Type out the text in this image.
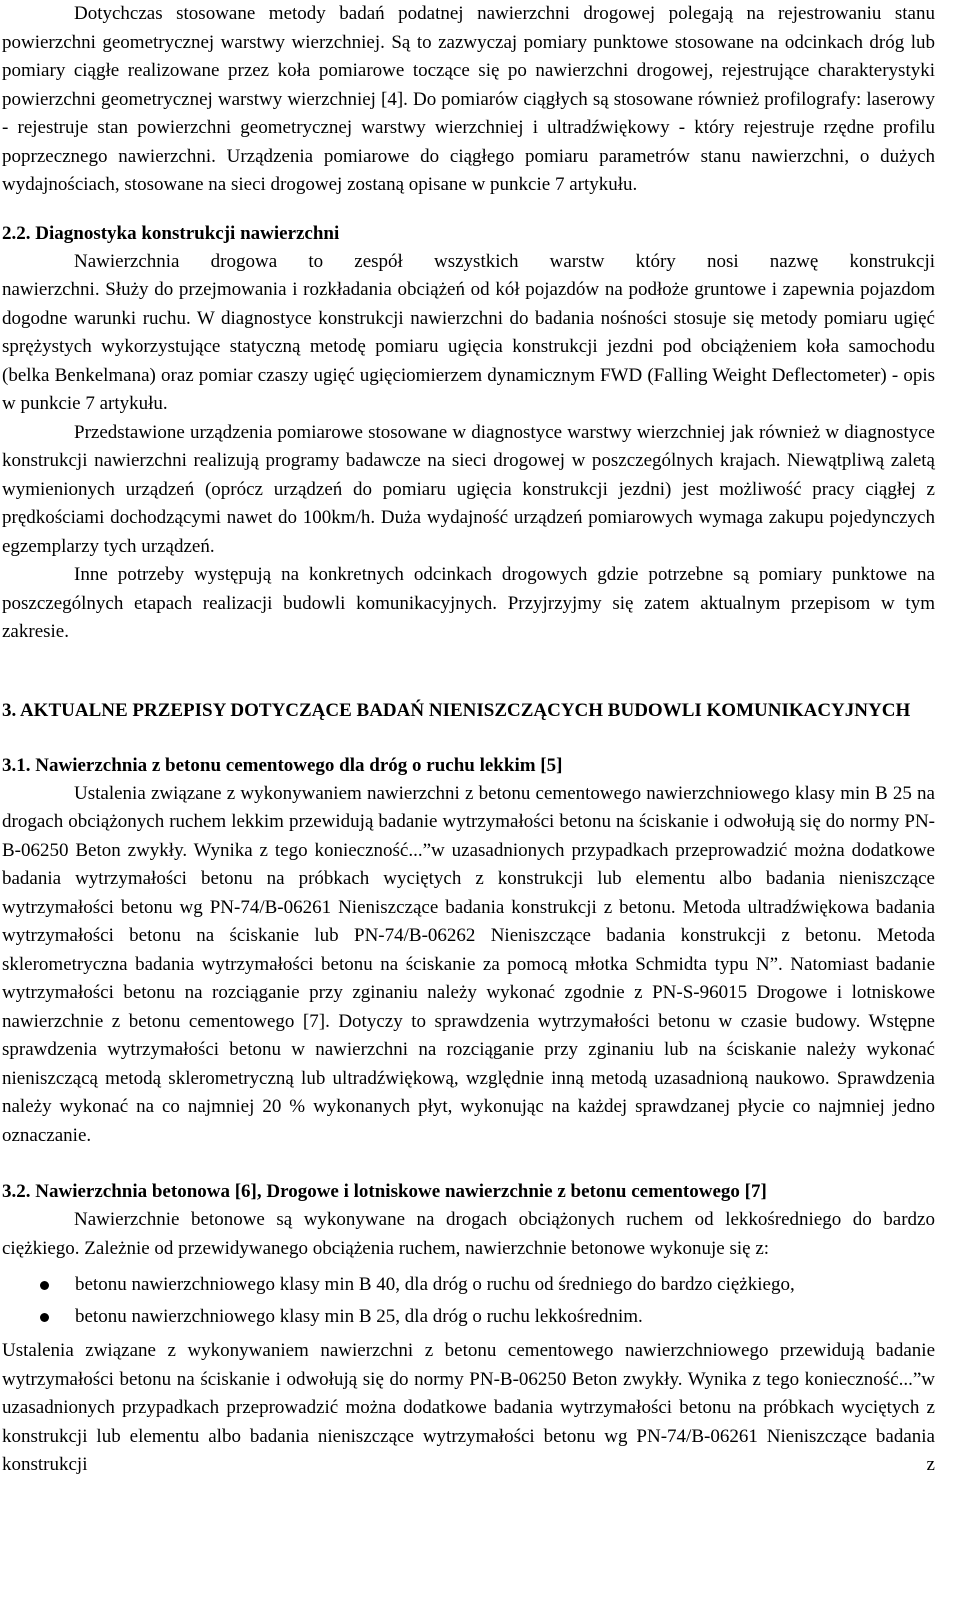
Dotychczas stosowane metody badań podatnej nawierzchni drogowej polegają na rejestrowaniu stanu powierzchni geometrycznej warstwy wierzchniej. Są to zazwyczaj pomiary punktowe stosowane na odcinkach dróg lub pomiary ciągłe realizowane przez koła pomiarowe toczące się po nawierzchni drogowej, rejestrujące charakterystyki powierzchni geometrycznej warstwy wierzchniej [4]. Do pomiarów ciągłych są stosowane również profilografy: laserowy - rejestruje stan powierzchni geometrycznej warstwy wierzchniej i ultradźwiękowy - który rejestruje rzędne profilu poprzecznego nawierzchni. Urządzenia pomiarowe do ciągłego pomiaru parametrów stanu nawierzchni, o dużych wydajnościach, stosowane na sieci drogowej zostaną opisane w punkcie 7 artykułu.

2.2. Diagnostyka konstrukcji nawierzchni

Nawierzchnia drogowa to zespół wszystkich warstw który nosi nazwę konstrukcji

nawierzchni. Służy do przejmowania i rozkładania obciążeń od kół pojazdów na podłoże gruntowe i zapewnia pojazdom dogodne warunki ruchu. W diagnostyce konstrukcji nawierzchni do badania nośności stosuje się metody pomiaru ugięć sprężystych wykorzystujące statyczną metodę pomiaru ugięcia konstrukcji jezdni pod obciążeniem koła samochodu (belka Benkelmana) oraz pomiar czaszy ugięć ugięciomierzem dynamicznym FWD (Falling Weight Deflectometer) - opis w punkcie 7 artykułu.

Przedstawione urządzenia pomiarowe stosowane w diagnostyce warstwy wierzchniej jak również w diagnostyce konstrukcji nawierzchni realizują programy badawcze na sieci drogowej w poszczególnych krajach. Niewątpliwą zaletą wymienionych urządzeń (oprócz urządzeń do pomiaru ugięcia konstrukcji jezdni) jest możliwość pracy ciągłej z prędkościami dochodzącymi nawet do 100km/h. Duża wydajność urządzeń pomiarowych wymaga zakupu pojedynczych egzemplarzy tych urządzeń.

Inne potrzeby występują na konkretnych odcinkach drogowych gdzie potrzebne są pomiary punktowe na poszczególnych etapach realizacji budowli komunikacyjnych. Przyjrzyjmy się zatem aktualnym przepisom w tym zakresie.

3. AKTUALNE PRZEPISY DOTYCZĄCE BADAŃ NIENISZCZĄCYCH BUDOWLI KOMUNIKACYJNYCH
3.1. Nawierzchnia z betonu cementowego dla dróg o ruchu lekkim [5]

Ustalenia związane z wykonywaniem nawierzchni z betonu cementowego nawierzchniowego klasy min B 25 na drogach obciążonych ruchem lekkim przewidują badanie wytrzymałości betonu na ściskanie i odwołują się do normy PN-B-06250 Beton zwykły. Wynika z tego konieczność...”w uzasadnionych przypadkach przeprowadzić można dodatkowe badania wytrzymałości betonu na próbkach wyciętych z konstrukcji lub elementu albo badania nieniszczące wytrzymałości betonu wg PN-74/B-06261 Nieniszczące badania konstrukcji z betonu. Metoda ultradźwiękowa badania wytrzymałości betonu na ściskanie lub PN-74/B-06262 Nieniszczące badania konstrukcji z betonu. Metoda sklerometryczna badania wytrzymałości betonu na ściskanie za pomocą młotka Schmidta typu N”. Natomiast badanie wytrzymałości betonu na rozciąganie przy zginaniu należy wykonać zgodnie z PN-S-96015 Drogowe i lotniskowe nawierzchnie z betonu cementowego [7]. Dotyczy to sprawdzenia wytrzymałości betonu w czasie budowy. Wstępne sprawdzenia wytrzymałości betonu w nawierzchni na rozciąganie przy zginaniu lub na ściskanie należy wykonać nieniszczącą metodą sklerometryczną lub ultradźwiękową, względnie inną metodą uzasadnioną naukowo. Sprawdzenia należy wykonać na co najmniej 20 % wykonanych płyt, wykonując na każdej sprawdzanej płycie co najmniej jedno oznaczanie.

3.2. Nawierzchnia betonowa [6], Drogowe i lotniskowe nawierzchnie z betonu cementowego [7]

Nawierzchnie betonowe są wykonywane na drogach obciążonych ruchem od lekkośredniego do bardzo ciężkiego. Zależnie od przewidywanego obciążenia ruchem, nawierzchnie betonowe wykonuje się z:

betonu nawierzchniowego klasy min B 40, dla dróg o ruchu od średniego do bardzo ciężkiego,
betonu nawierzchniowego klasy min B 25, dla dróg o ruchu lekkośrednim.

Ustalenia związane z wykonywaniem nawierzchni z betonu cementowego nawierzchniowego przewidują badanie wytrzymałości betonu na ściskanie i odwołują się do normy PN-B-06250 Beton zwykły. Wynika z tego konieczność...”w uzasadnionych przypadkach przeprowadzić można dodatkowe badania wytrzymałości betonu na próbkach wyciętych z konstrukcji lub elementu albo badania nieniszczące wytrzymałości betonu wg PN-74/B-06261 Nieniszczące badania konstrukcji z
